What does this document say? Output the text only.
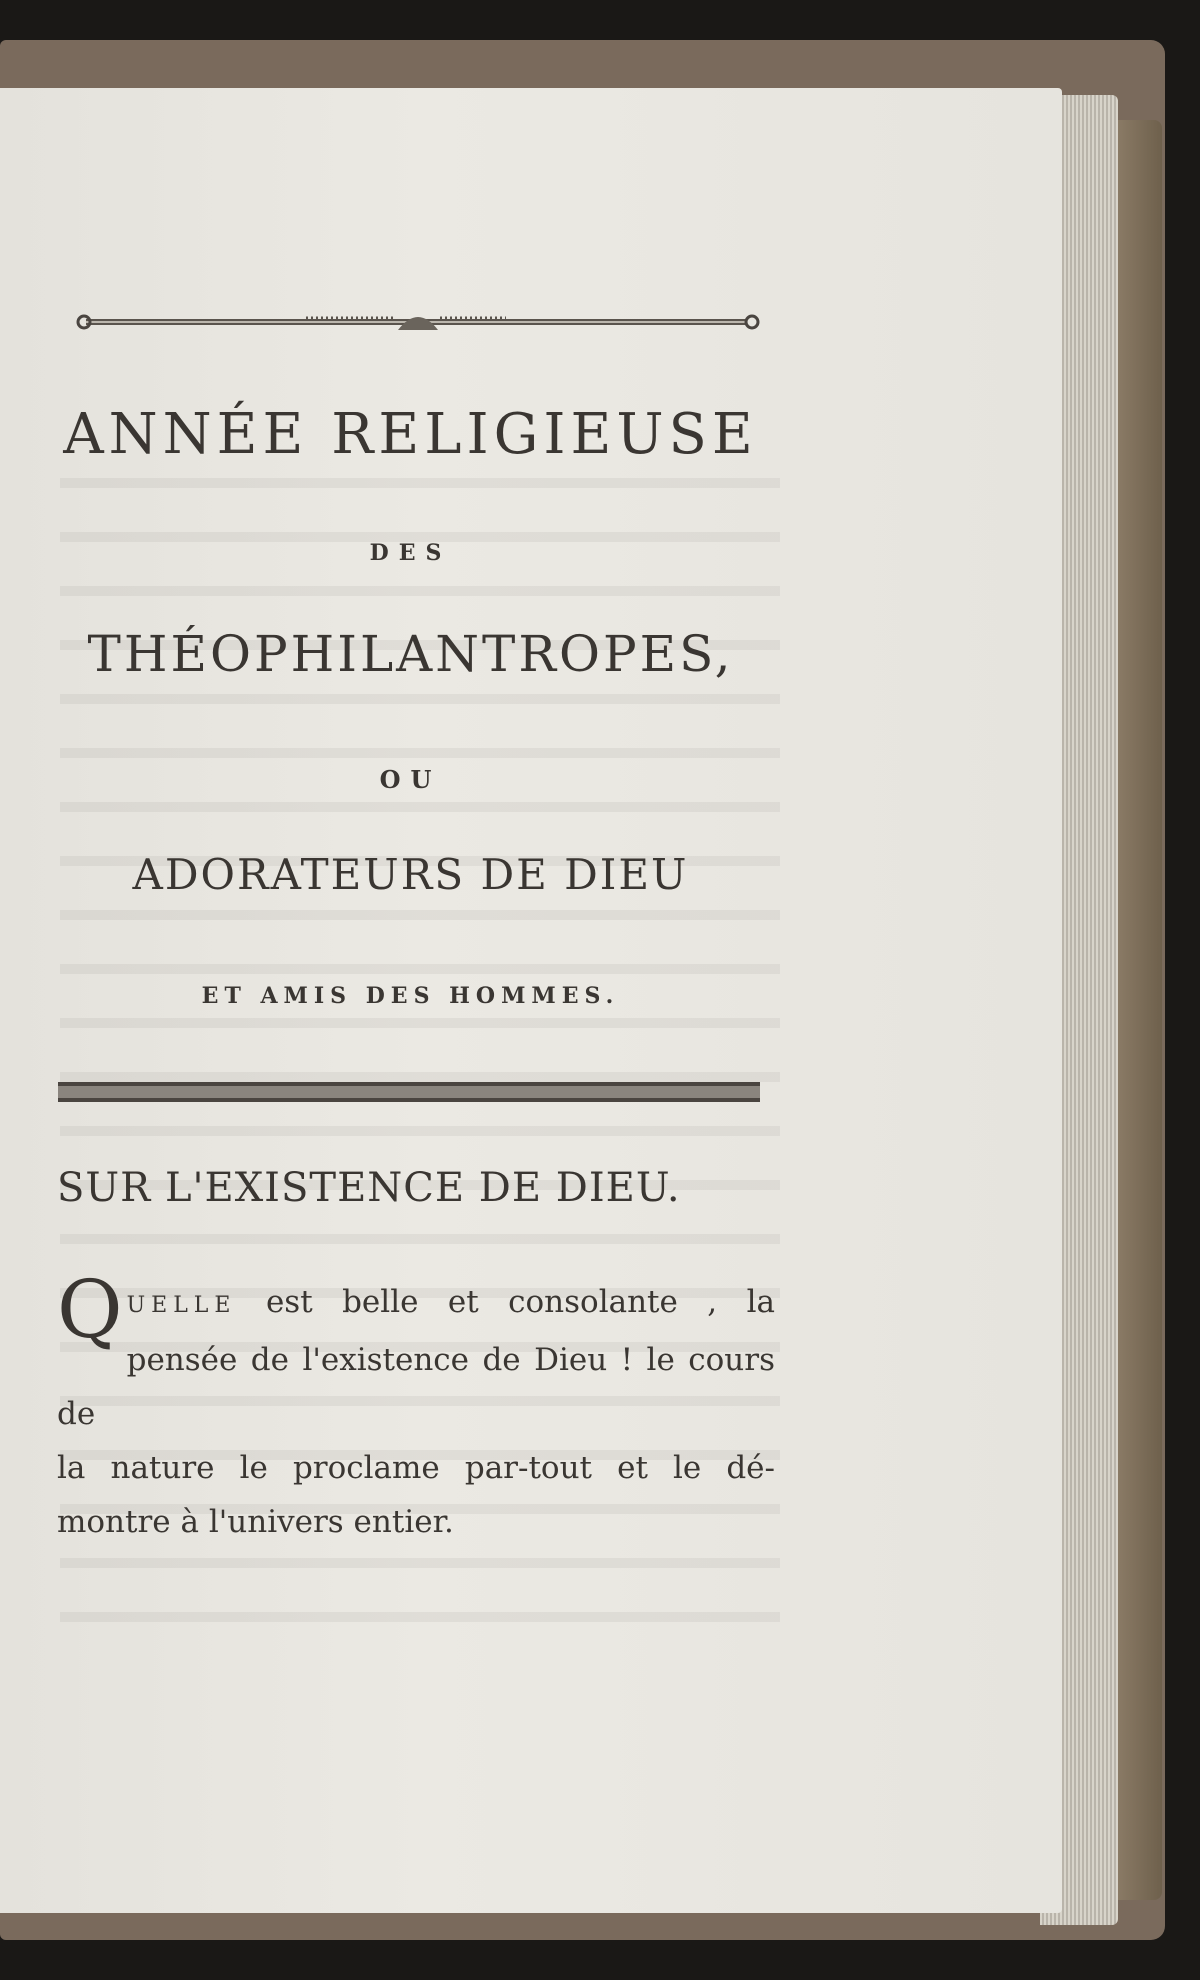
ANNÉE RELIGIEUSE
DES
THÉOPHILANTROPES,
OU
ADORATEURS DE DIEU
ET AMIS DES HOMMES.
SUR L'EXISTENCE DE DIEU.
Q UELLE est belle et consolante , la
pensée de l'existence de Dieu ! le cours de
la nature le proclame par-tout et le dé-
montre à l'univers entier.
